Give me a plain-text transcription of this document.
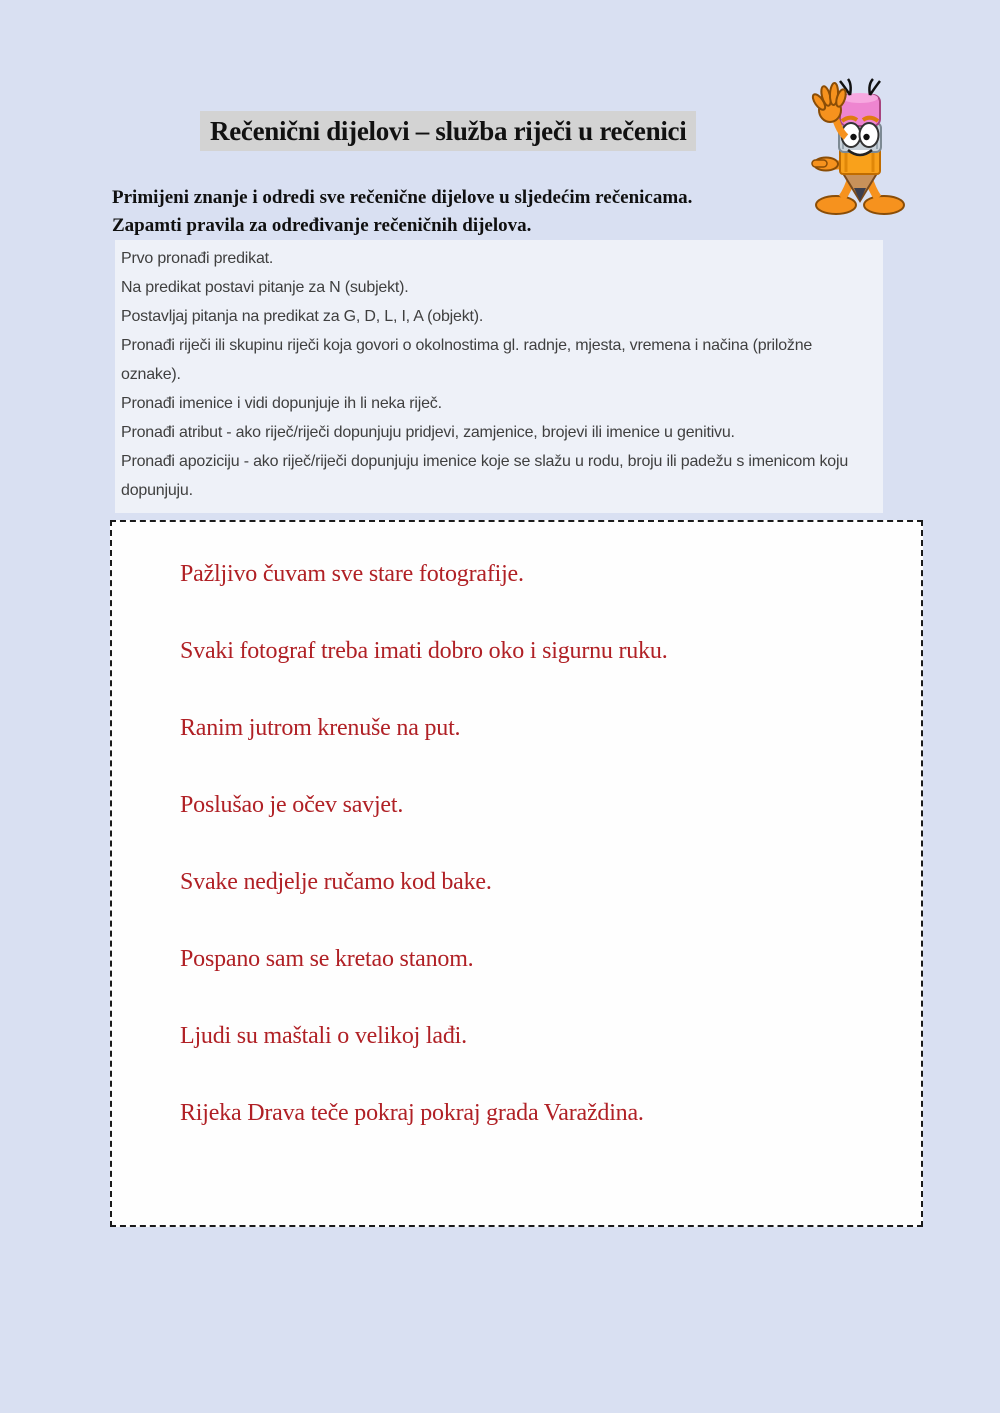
Rečenični dijelovi – služba riječi u rečenici
Primijeni znanje i odredi sve rečenične dijelove u sljedećim rečenicama.
Zapamti pravila za određivanje rečeničnih dijelova.

Prvo pronađi predikat.

Na predikat postavi pitanje za N (subjekt).

Postavljaj pitanja na predikat za G, D, L, I, A (objekt).

Pronađi riječi ili skupinu riječi koja govori o okolnostima gl. radnje, mjesta, vremena i načina (priložne oznake).

Pronađi imenice i vidi dopunjuje ih li neka riječ.

Pronađi atribut - ako riječ/riječi dopunjuju pridjevi, zamjenice, brojevi ili imenice u genitivu.

Pronađi apoziciju - ako riječ/riječi dopunjuju imenice koje se slažu u rodu, broju ili padežu s imenicom koju dopunjuju.

Pažljivo čuvam sve stare fotografije.
Svaki fotograf treba imati dobro oko i sigurnu ruku.
Ranim jutrom krenuše na put.
Poslušao je očev savjet.
Svake nedjelje ručamo kod bake.
Pospano sam se kretao stanom.
Ljudi su maštali o velikoj lađi.
Rijeka Drava teče pokraj pokraj grada Varaždina.
